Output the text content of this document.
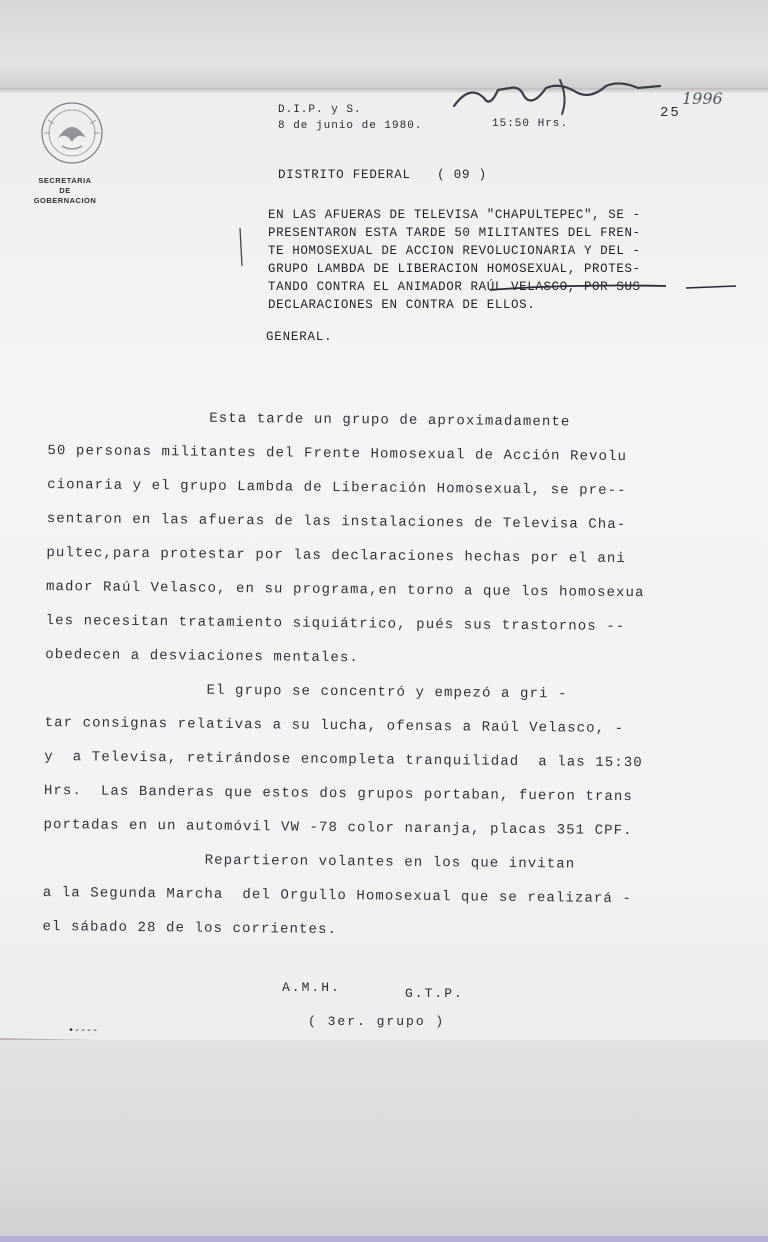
SECRETARIA
DE
GOBERNACION
1996
D.I.P. y S.
8 de junio de 1980.	15:50 Hrs.
25
DISTRITO FEDERAL ( 09 )
EN LAS AFUERAS DE TELEVISA "CHAPULTEPEC", SE -
PRESENTARON ESTA TARDE 50 MILITANTES DEL FREN-
TE HOMOSEXUAL DE ACCION REVOLUCIONARIA Y DEL -
GRUPO LAMBDA DE LIBERACION HOMOSEXUAL, PROTES-
TANDO CONTRA EL ANIMADOR RAÚL VELASCO, POR SUS
DECLARACIONES EN CONTRA DE ELLOS.
GENERAL.
Esta tarde un grupo de aproximadamente
50 personas militantes del Frente Homosexual de Acción Revolu
cionaria y el grupo Lambda de Liberación Homosexual, se pre--
sentaron en las afueras de las instalaciones de Televisa Cha-
pultec,para protestar por las declaraciones hechas por el ani
mador Raúl Velasco, en su programa,en torno a que los homosexua
les necesitan tratamiento siquiátrico, pués sus trastornos --
obedecen a desviaciones mentales.
El grupo se concentró y empezó a gri -
tar consignas relativas a su lucha, ofensas a Raúl Velasco, -
y  a Televisa, retirándose encompleta tranquilidad  a las 15:30
Hrs.  Las Banderas que estos dos grupos portaban, fueron trans
portadas en un automóvil VW -78 color naranja, placas 351 CPF.
Repartieron volantes en los que invitan
a la Segunda Marcha  del Orgullo Homosexual que se realizará -
el sábado 28 de los corrientes.
A.M.H.	G.T.P.
( 3er. grupo )
•----
